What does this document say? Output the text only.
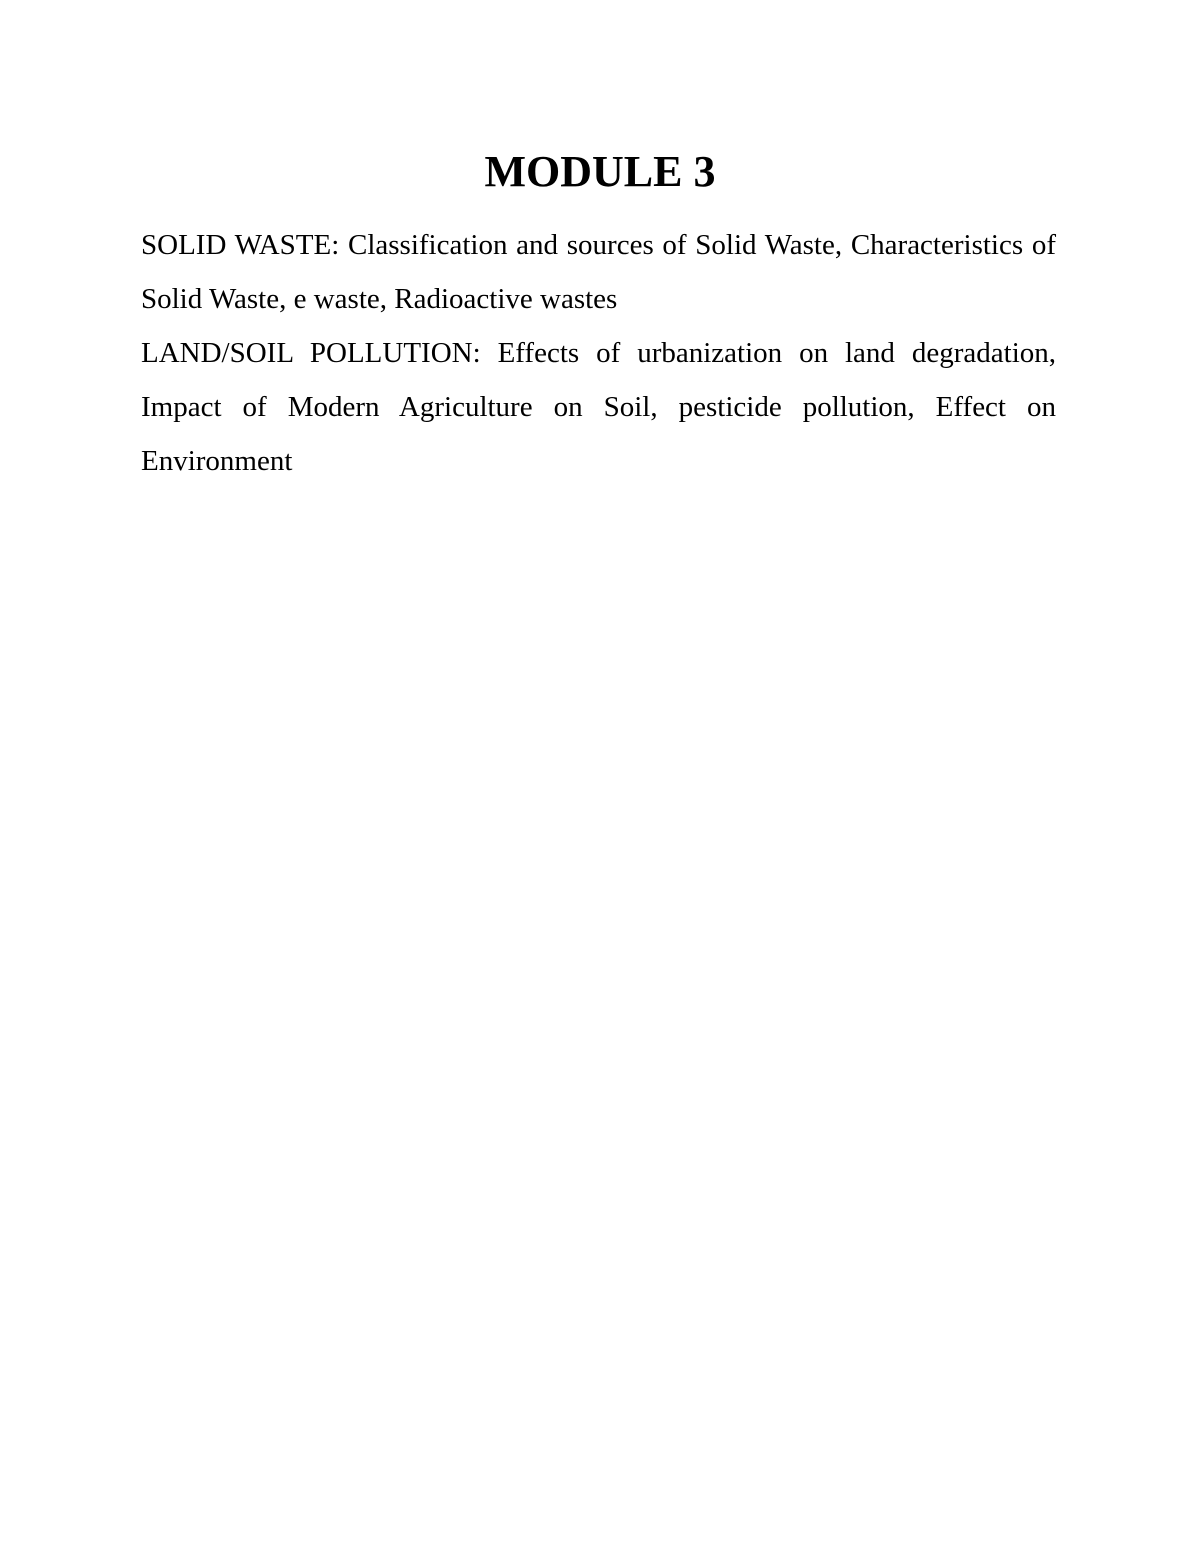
MODULE 3

SOLID WASTE: Classification and sources of Solid Waste, Characteristics of Solid Waste, e waste, Radioactive wastes

LAND/SOIL POLLUTION: Effects of urbanization on land degradation, Impact of Modern Agriculture on Soil, pesticide pollution, Effect on Environment
